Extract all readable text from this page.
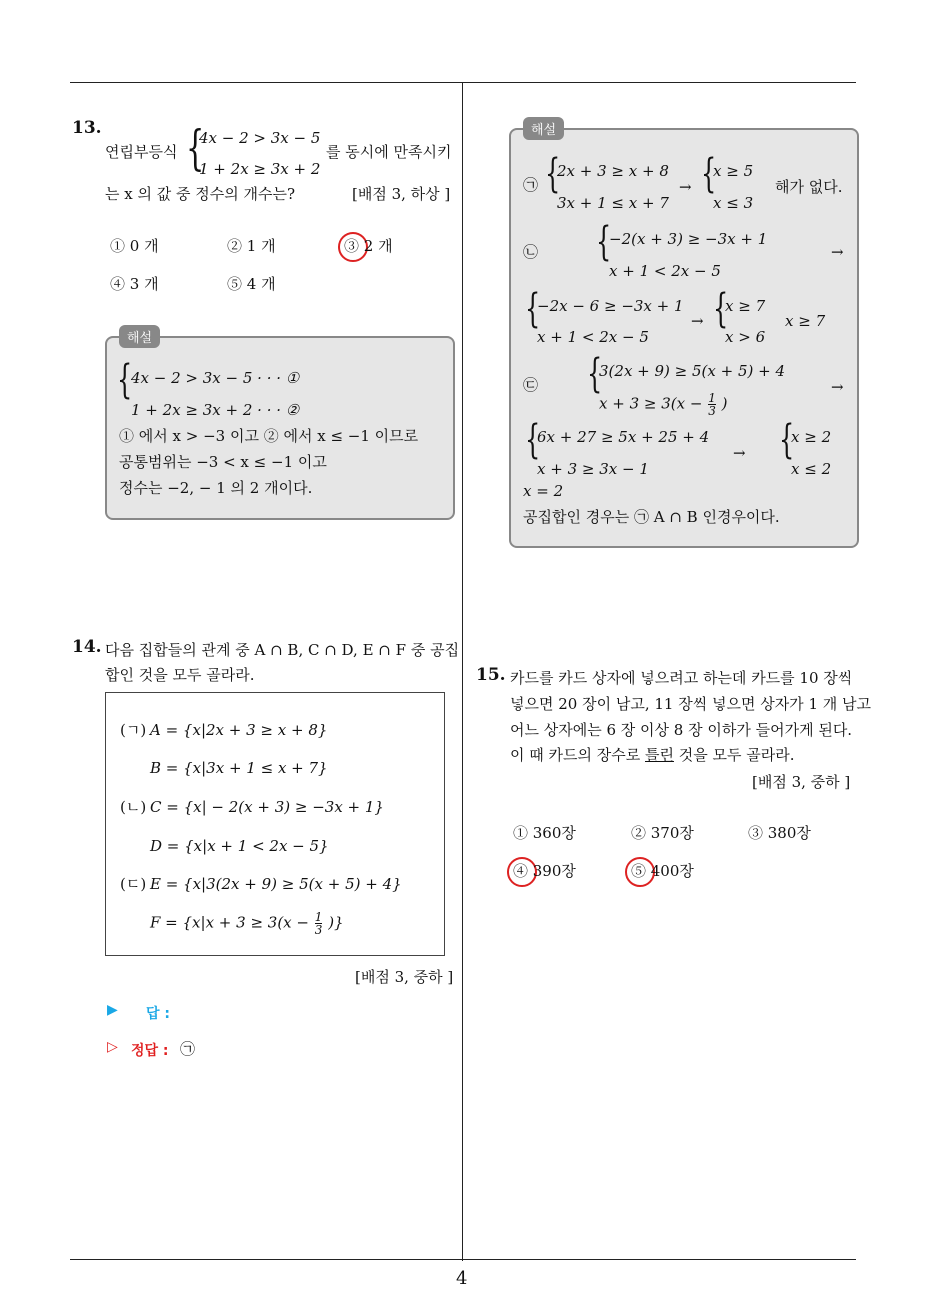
4
13.
연립부등식 {
4x − 2 > 3x − 5
1 + 2x ≥ 3x + 2
를 동시에 만족시키
는 x 의 값 중 정수의 개수는?	[배점 3, 하상 ]
① 0 개	② 1 개	③ 2 개
④ 3 개	⑤ 4 개
{
4x − 2 > 3x − 5 · · · ①
1 + 2x ≥ 3x + 2 · · · ②
① 에서 x > −3 이고 ② 에서 x ≤ −1 이므로
공통범위는 −3 < x ≤ −1 이고
정수는 −2, − 1 의 2 개이다.
해설
㉠ {
2x + 3 ≥ x + 8
3x + 1 ≤ x + 7
→ {
x ≥ 5
x ≤ 3
해가 없다.
㉡ {
−2(x + 3) ≥ −3x + 1
x + 1 < 2x − 5
→
{
−2x − 6 ≥ −3x + 1
x + 1 < 2x − 5
→ {
x ≥ 7
x > 6
x ≥ 7
㉢ {
3(2x + 9) ≥ 5(x + 5) + 4
$x + 3 \ge 3(x - \frac{1}{3}$ )
→
{
6x + 27 ≥ 5x + 25 + 4
x + 3 ≥ 3x − 1
→ {
x ≥ 2
x ≤ 2
x = 2
공집합인 경우는 ㉠ A ∩ B 인경우이다.
해설
14. 다음 집합들의 관계 중 A ∩ B, C ∩ D, E ∩ F 중 공집
합인 것을 모두 골라라.
(ㄱ) A = {x|2x + 3 ≥ x + 8}
B = {x|3x + 1 ≤ x + 7}
(ㄴ) C = {x| − 2(x + 3) ≥ −3x + 1}
D = {x|x + 1 < 2x − 5}
(ㄷ) E = {x|3(2x + 9) ≥ 5(x + 5) + 4}
$F = \{x|x + 3 \ge 3(x - \frac{1}{3}$ )}
[배점 3, 중하 ]
▶ 답 :
▷ 정답 : ㉠
15. 카드를 카드 상자에 넣으려고 하는데 카드를 10 장씩
넣으면 20 장이 남고, 11 장씩 넣으면 상자가 1 개 남고
어느 상자에는 6 장 이상 8 장 이하가 들어가게 된다.
이 때 카드의 장수로 틀린 것을 모두 골라라.
[배점 3, 중하 ]
① 360장	② 370장	③ 380장
④ 390장	⑤ 400장
